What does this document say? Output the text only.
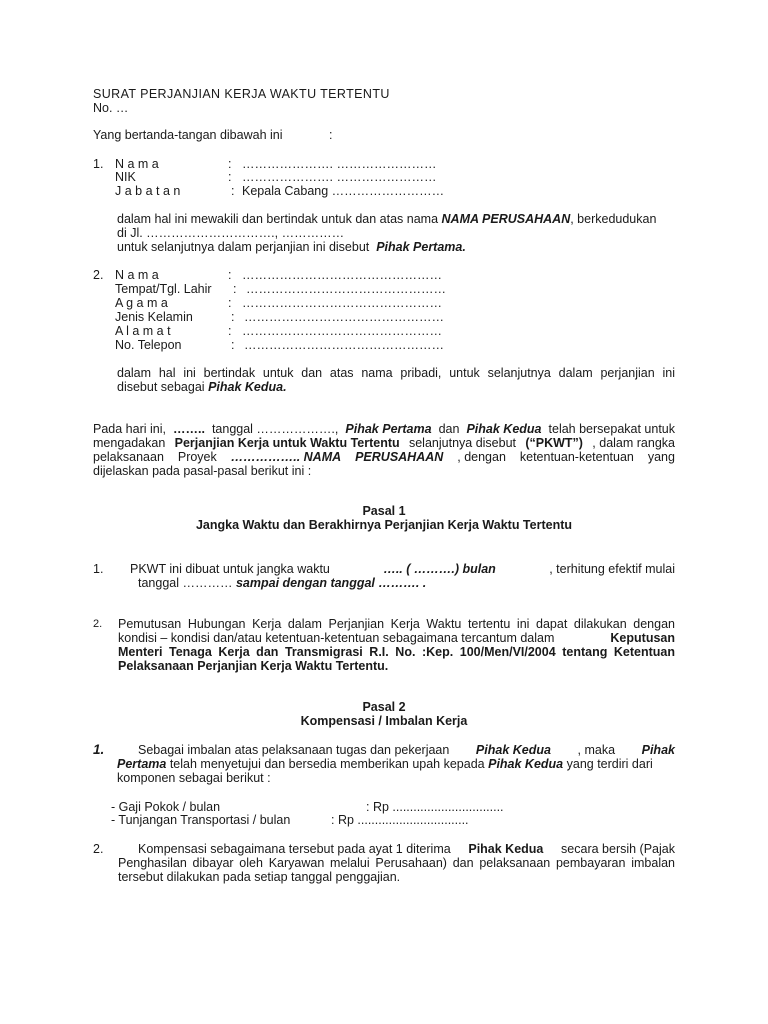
SURAT PERJANJIAN KERJA WAKTU TERTENTU
No. …
Yang bertanda-tangan dibawah ini	:
1. N a m a	: …………………. ……………………
NIK	: …………………. ……………………
J a b a t a n	: Kepala Cabang ………………………
dalam hal ini mewakili dan bertindak untuk dan atas nama NAMA PERUSAHAAN, berkedudukan
di Jl. …………………………., ……………
untuk selanjutnya dalam perjanjian ini disebut Pihak Pertama.
2. N a m a	: …………………………………………
Tempat/Tgl. Lahir : …………………………………………
A g a m a	: …………………………………………
Jenis Kelamin	: …………………………………………
A l a m a t	: …………………………………………
No. Telepon	: …………………………………………
dalam hal ini bertindak untuk dan atas nama pribadi, untuk selanjutnya dalam perjanjian ini
disebut sebagai Pihak Kedua.
Pada hari ini, …….. tanggal ………………., Pihak Pertama dan Pihak Kedua telah bersepakat untuk
mengadakan Perjanjian Kerja untuk Waktu Tertentu selanjutnya disebut (“PKWT”) , dalam rangka
pelaksanaan Proyek …………….. NAMA PERUSAHAAN , dengan ketentuan-ketentuan yang
dijelaskan pada pasal-pasal berikut ini :
Pasal 1
Jangka Waktu dan Berakhirnya Perjanjian Kerja Waktu Tertentu
1. PKWT ini dibuat untuk jangka waktu	….. ( ……….) bulan	, terhitung efektif mulai
tanggal ………… sampai dengan tanggal ………. .
2. Pemutusan Hubungan Kerja dalam Perjanjian Kerja Waktu tertentu ini dapat dilakukan dengan
kondisi – kondisi dan/atau ketentuan-ketentuan sebagaimana tercantum dalam	Keputusan
Menteri Tenaga Kerja dan Transmigrasi R.I. No. :Kep. 100/Men/VI/2004 tentang Ketentuan
Pelaksanaan Perjanjian Kerja Waktu Tertentu.
Pasal 2
Kompensasi / Imbalan Kerja
1.	Sebagai imbalan atas pelaksanaan tugas dan pekerjaan Pihak Kedua , maka Pihak
Pertama telah menyetujui dan bersedia memberikan upah kepada Pihak Kedua yang terdiri dari
komponen sebagai berikut :
- Gaji Pokok / bulan	: Rp ................................
- Tunjangan Transportasi / bulan	: Rp ................................
2.	Kompensasi sebagaimana tersebut pada ayat 1 diterima Pihak Kedua secara bersih (Pajak
Penghasilan dibayar oleh Karyawan melalui Perusahaan) dan pelaksanaan pembayaran imbalan
tersebut dilakukan pada setiap tanggal penggajian.
